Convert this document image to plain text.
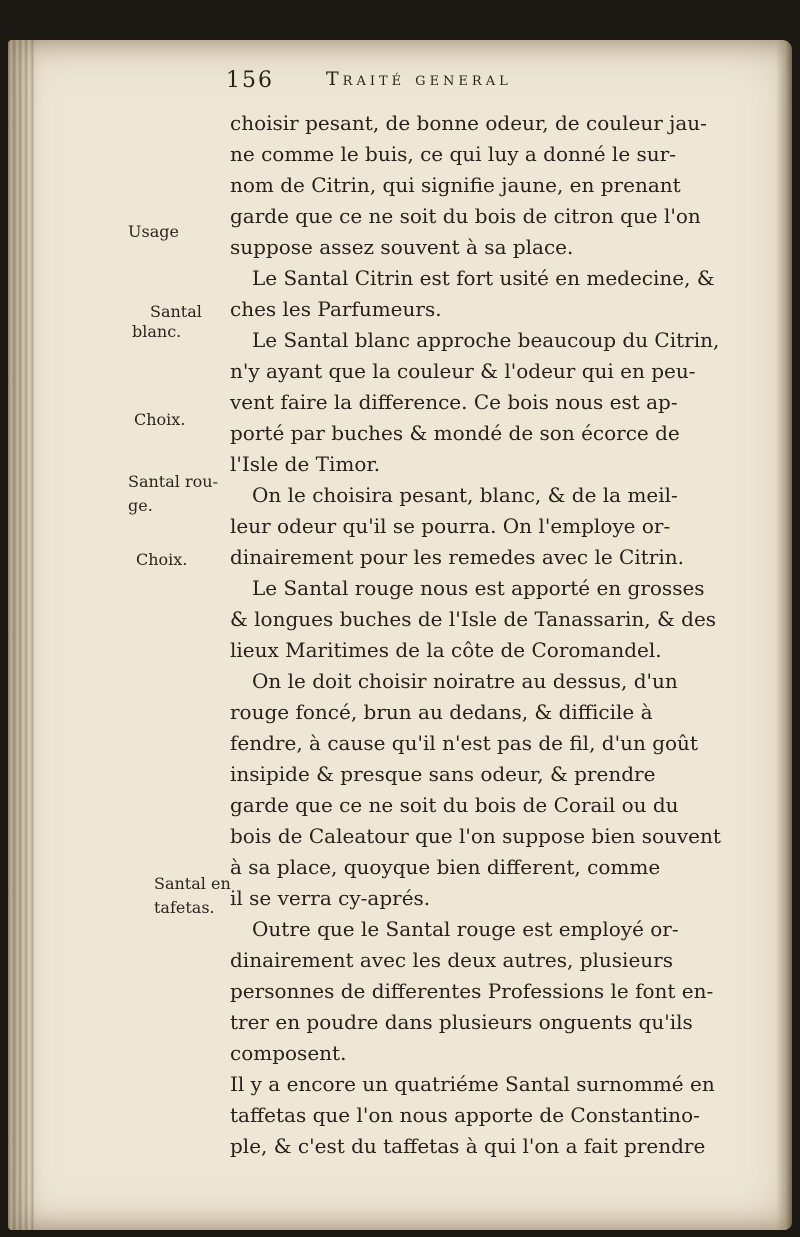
156	Traité general
Usage
Santal
blanc.
Choix.
Santal rou-
ge.
Choix.
Santal en
tafetas.
choisir pesant, de bonne odeur, de couleur jau-
ne comme le buis, ce qui luy a donné le sur-
nom de Citrin, qui signifie jaune, en prenant
garde que ce ne soit du bois de citron que l'on
suppose assez souvent à sa place.
Le Santal Citrin est fort usité en medecine, &
ches les Parfumeurs.
Le Santal blanc approche beaucoup du Citrin,
n'y ayant que la couleur & l'odeur qui en peu-
vent faire la difference. Ce bois nous est ap-
porté par buches & mondé de son écorce de
l'Isle de Timor.
On le choisira pesant, blanc, & de la meil-
leur odeur qu'il se pourra. On l'employe or-
dinairement pour les remedes avec le Citrin.
Le Santal rouge nous est apporté en grosses
& longues buches de l'Isle de Tanassarin, & des
lieux Maritimes de la côte de Coromandel.
On le doit choisir noiratre au dessus, d'un
rouge foncé, brun au dedans, & difficile à
fendre, à cause qu'il n'est pas de fil, d'un goût
insipide & presque sans odeur, & prendre
garde que ce ne soit du bois de Corail ou du
bois de Caleatour que l'on suppose bien souvent
à sa place, quoyque bien different, comme
il se verra cy-aprés.
Outre que le Santal rouge est employé or-
dinairement avec les deux autres, plusieurs
personnes de differentes Professions le font en-
trer en poudre dans plusieurs onguents qu'ils
composent.
Il y a encore un quatriéme Santal surnommé en
taffetas que l'on nous apporte de Constantino-
ple, & c'est du taffetas à qui l'on a fait prendre
